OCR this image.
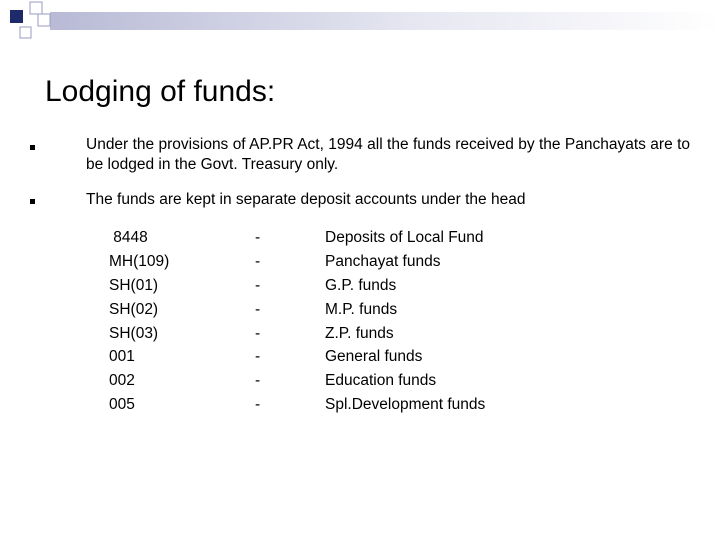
Lodging of funds:
Under the provisions of AP.PR Act, 1994 all the funds received by the Panchayats are to be lodged in the Govt. Treasury only.
The funds are kept in separate deposit accounts under the head
8448
MH(109)
SH(01)
SH(02)
SH(03)
001
002
005
-
-
-
-
-
-
-
-
Deposits of Local Fund
Panchayat funds
G.P. funds
M.P. funds
Z.P. funds
General funds
Education funds
Spl.Development funds
